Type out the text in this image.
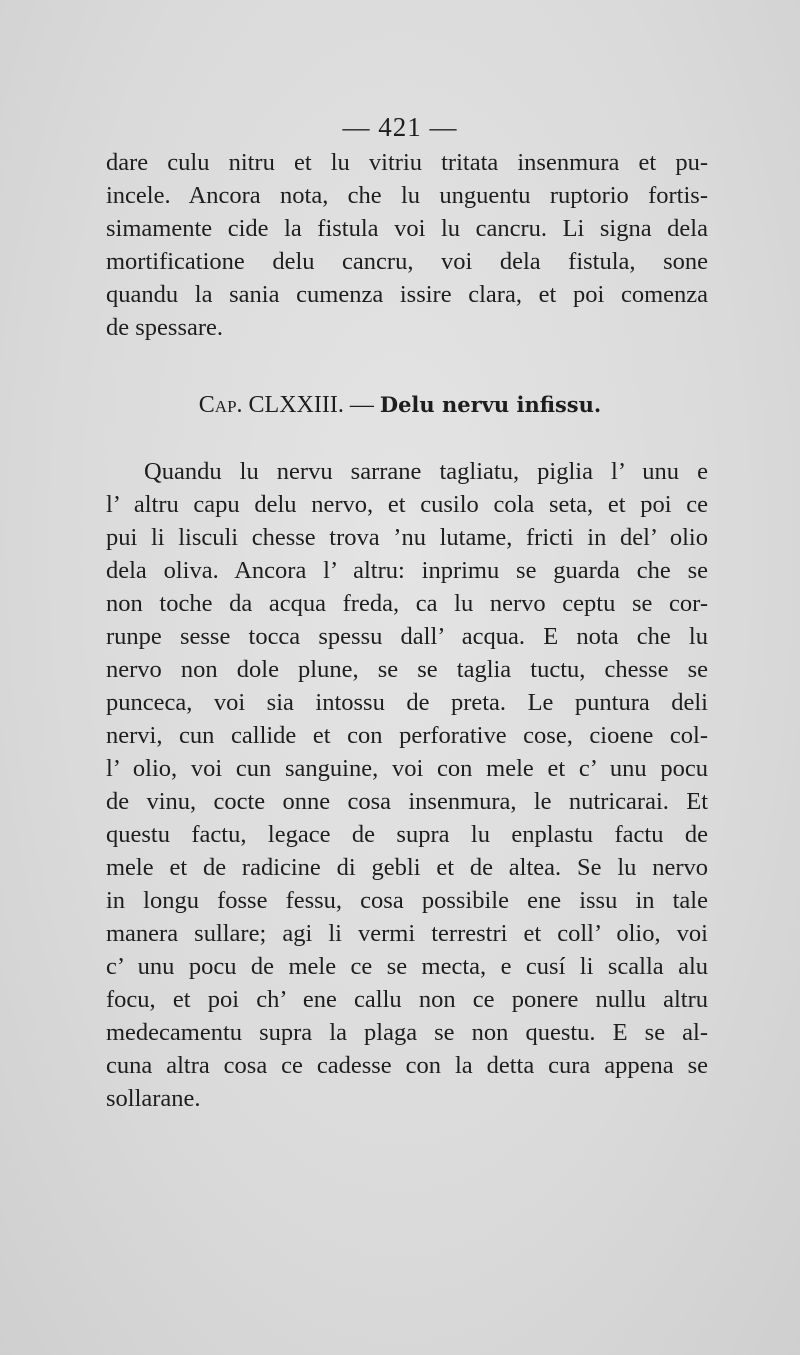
— 421 —
dare culu nitru et lu vitriu tritata insenmura et pu-
incele. Ancora nota, che lu unguentu ruptorio fortis-
simamente cide la fistula voi lu cancru. Li signa dela
mortificatione delu cancru, voi dela fistula, sone
quandu la sania cumenza issire clara, et poi comenza
de spessare.
Cap. CLXXIII. — Delu nervu infissu.
Quandu lu nervu sarrane tagliatu, piglia l’ unu e
l’ altru capu delu nervo, et cusilo cola seta, et poi ce
pui li lisculi chesse trova ’nu lutame, fricti in del’ olio
dela oliva. Ancora l’ altru: inprimu se guarda che se
non toche da acqua freda, ca lu nervo ceptu se cor-
runpe sesse tocca spessu dall’ acqua. E nota che lu
nervo non dole plune, se se taglia tuctu, chesse se
punceca, voi sia intossu de preta. Le puntura deli
nervi, cun callide et con perforative cose, cioene col-
l’ olio, voi cun sanguine, voi con mele et c’ unu pocu
de vinu, cocte onne cosa insenmura, le nutricarai. Et
questu factu, legace de supra lu enplastu factu de
mele et de radicine di gebli et de altea. Se lu nervo
in longu fosse fessu, cosa possibile ene issu in tale
manera sullare; agi li vermi terrestri et coll’ olio, voi
c’ unu pocu de mele ce se mecta, e cusí li scalla alu
focu, et poi ch’ ene callu non ce ponere nullu altru
medecamentu supra la plaga se non questu. E se al-
cuna altra cosa ce cadesse con la detta cura appena se
sollarane.
